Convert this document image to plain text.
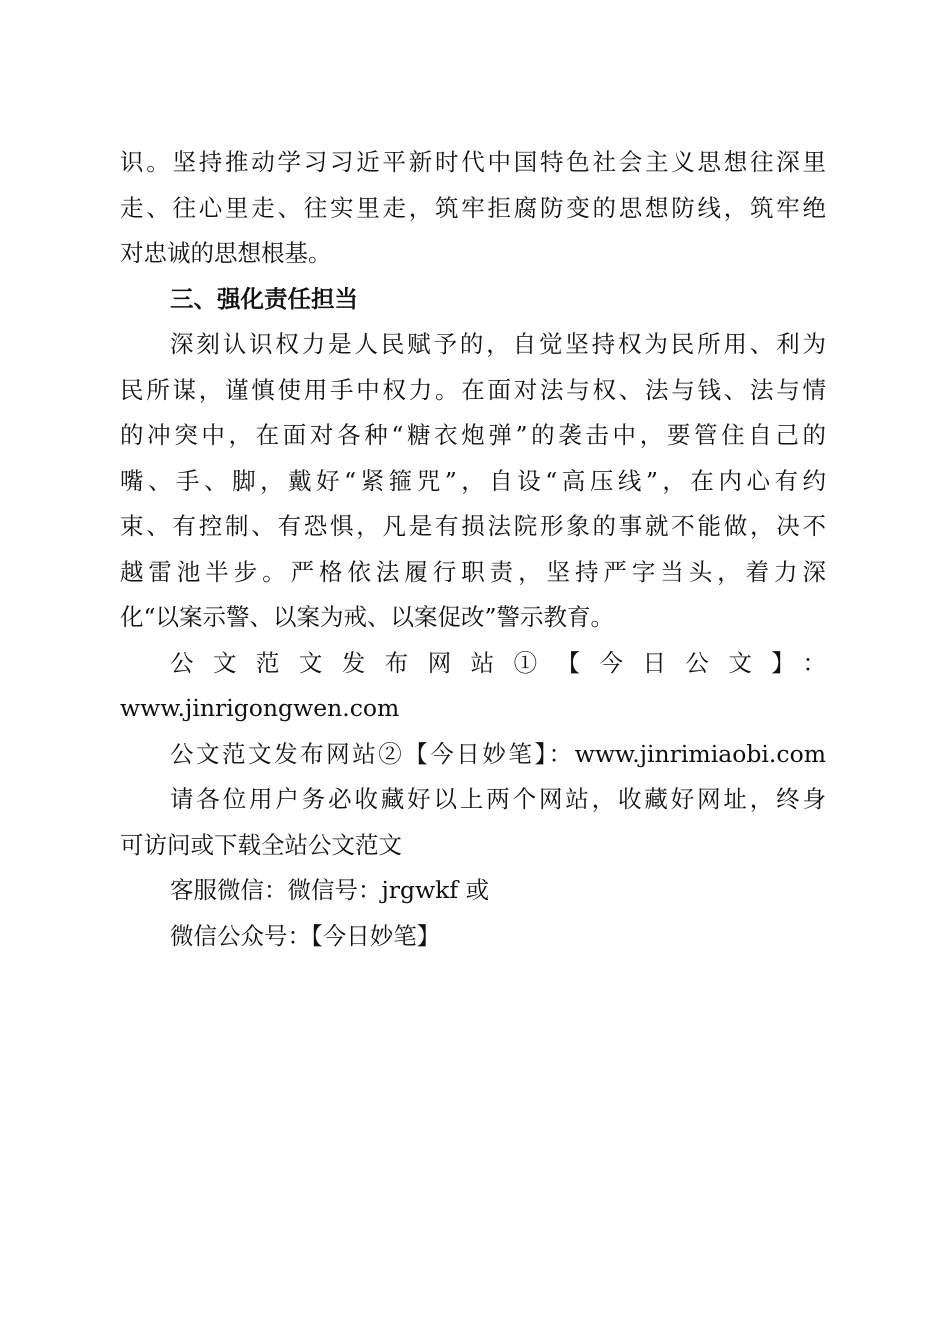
识。坚持推动学习习近平新时代中国特色社会主义思想往深里
走、往心里走、往实里走，筑牢拒腐防变的思想防线，筑牢绝
对忠诚的思想根基。
三、强化责任担当
深刻认识权力是人民赋予的，自觉坚持权为民所用、利为
民所谋，谨慎使用手中权力。在面对法与权、法与钱、法与情
的冲突中，在面对各种“糖衣炮弹”的袭击中，要管住自己的
嘴、手、脚，戴好“紧箍咒”，自设“高压线”，在内心有约
束、有控制、有恐惧，凡是有损法院形象的事就不能做，决不
越雷池半步。严格依法履行职责，坚持严字当头，着力深
化“以案示警、以案为戒、以案促改”警示教育。
公文范文发布网站①【今日公文】：
www.jinrigongwen.com
公文范文发布网站②【今日妙笔】：www.jinrimiaobi.com
请各位用户务必收藏好以上两个网站，收藏好网址，终身
可访问或下载全站公文范文
客服微信：微信号：jrgwkf 或
微信公众号：【今日妙笔】
